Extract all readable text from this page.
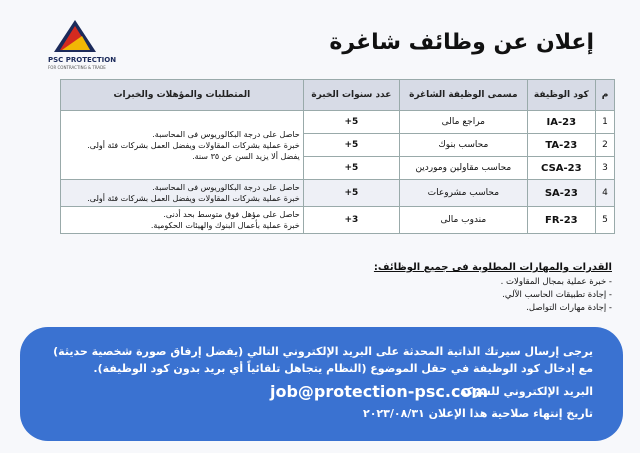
PSC PROTECTION
FOR CONTRACTING & TRADE
إعلان عن وظائف شاغرة
م	كود الوظيفة	مسمى الوظيفة الشاغرة	عدد سنوات الخبرة	المتطلبات والمؤهلات والخبرات
1	IA-23	مراجع مالى	+5	حاصل على درجة البكالوريوس فى المحاسبة.
خبرة عملية بشركات المقاولات ويفضل العمل بشركات فئة أولى.
يفضل ألا يزيد السن عن ٣٥ سنة.

2	TA-23	محاسب بنوك	+5	
3	CSA-23	محاسب مقاولين وموردين	+5	
4	SA-23	محاسب مشروعات	+5	حاصل على درجة البكالوريوس فى المحاسبة.
خبرة عملية بشركات المقاولات ويفضل العمل بشركات فئة أولى.

5	FR-23	مندوب مالى	+3	حاصل على مؤهل فوق متوسط بحد أدنى.
خبرة عملية بأعمال البنوك والهيئات الحكومية.
القدرات والمهارات المطلوبة فى جميع الوظائف:
- خبرة عملية بمجال المقاولات .
- إجادة تطبيقات الحاسب الآلي.
- إجادة مهارات التواصل.
يرجى إرسال سيرتك الذاتية المحدثة على البريد الإلكتروني التالي (يفضل إرفاق صورة شخصية حديثة)
مع إدخال كود الوظيفة في حقل الموضوع (النظام يتجاهل تلقائياً أي بريد بدون كود الوظيفة).
البريد الإلكتروني للشركة :
job@protection-psc.com
تاريخ إنتهاء صلاحية هذا الإعلان ٢٠٢٣/٠٨/٣١
